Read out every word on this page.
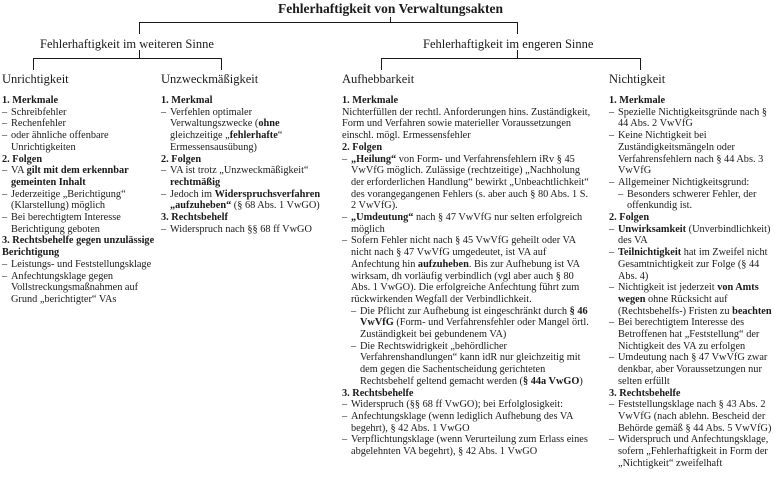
Fehlerhaftigkeit von Verwaltungsakten
Fehlerhaftigkeit im weiteren Sinne	Fehlerhaftigkeit im engeren Sinne
Unrichtigkeit	Unzweckmäßigkeit	Aufhebbarkeit	Nichtigkeit
1. Merkmale
– Schreibfehler
– Rechenfehler
– oder ähnliche offenbare Unrichtigkeiten
2. Folgen
– VA gilt mit dem erkennbar gemeinten Inhalt
– Jederzeitige „Berichtigung“ (Klarstellung) möglich
– Bei berechtigtem Interesse Berichtigung geboten
3. Rechtsbehelfe gegen unzulässige Berichtigung
– Leistungs- und Feststellungsklage
– Anfechtungsklage gegen Vollstreckungsmaßnahmen auf Grund „berichtigter“ VAs
1. Merkmal
– Verfehlen optimaler Verwaltungszwecke (ohne gleichzeitige „fehlerhafte“ Ermessensausübung)
2. Folgen
– VA ist trotz „Unzweckmäßigkeit“ rechtmäßig
– Jedoch im Widerspruchsverfahren „aufzuheben“ (§ 68 Abs. 1 VwGO)
3. Rechtsbehelf
– Widerspruch nach §§ 68 ff VwGO
1. Merkmale

Nichterfüllen der rechtl. Anforderungen hins. Zuständigkeit, Form und Verfahren sowie materieller Voraussetzungen einschl. mögl. Ermessensfehler

2. Folgen
– „Heilung“ von Form- und Verfahrensfehlern iRv § 45 VwVfG möglich. Zulässige (rechtzeitige) „Nachholung der erforderlichen Handlung“ bewirkt „Unbeachtlichkeit“ des vorangegangenen Fehlers (s. aber auch § 80 Abs. 1 S. 2 VwVfG).
– „Umdeutung“ nach § 47 VwVfG nur selten erfolgreich möglich
– Sofern Fehler nicht nach § 45 VwVfG geheilt oder VA nicht nach § 47 VwVfG umgedeutet, ist VA auf Anfechtung hin aufzuheben. Bis zur Aufhebung ist VA wirksam, dh vorläufig verbindlich (vgl aber auch § 80 Abs. 1 VwGO). Die erfolgreiche Anfechtung führt zum rückwirkenden Wegfall der Verbindlichkeit.
– Die Pflicht zur Aufhebung ist eingeschränkt durch § 46 VwVfG (Form- und Verfahrensfehler oder Mangel örtl. Zuständigkeit bei gebundenem VA)
– Die Rechtswidrigkeit „behördlicher Verfahrenshandlungen“ kann idR nur gleichzeitig mit dem gegen die Sachentscheidung gerichteten Rechtsbehelf geltend gemacht werden (§ 44a VwGO)
3. Rechtsbehelfe
– Widerspruch (§§ 68 ff VwGO); bei Erfolglosigkeit:
– Anfechtungsklage (wenn lediglich Aufhebung des VA begehrt), § 42 Abs. 1 VwGO
– Verpflichtungsklage (wenn Verurteilung zum Erlass eines abgelehnten VA begehrt), § 42 Abs. 1 VwGO
1. Merkmale
– Spezielle Nichtigkeitsgründe nach § 44 Abs. 2 VwVfG
– Keine Nichtigkeit bei Zuständigkeitsmängeln oder Verfahrensfehlern nach § 44 Abs. 3 VwVfG
– Allgemeiner Nichtigkeitsgrund:
– Besonders schwerer Fehler, der offenkundig ist.
2. Folgen
– Unwirksamkeit (Unverbindlichkeit) des VA
– Teilnichtigkeit hat im Zweifel nicht Gesamtnichtigkeit zur Folge (§ 44 Abs. 4)
– Nichtigkeit ist jederzeit von Amts wegen ohne Rücksicht auf (Rechtsbehelfs-) Fristen zu beachten
– Bei berechtigtem Interesse des Betroffenen hat „Feststellung“ der Nichtigkeit des VA zu erfolgen
– Umdeutung nach § 47 VwVfG zwar denkbar, aber Voraussetzungen nur selten erfüllt
3. Rechtsbehelfe
– Feststellungsklage nach § 43 Abs. 2 VwVfG (nach ablehn. Bescheid der Behörde gemäß § 44 Abs. 5 VwVfG)
– Widerspruch und Anfechtungsklage, sofern „Fehlerhaftigkeit in Form der „Nichtigkeit“ zweifelhaft
